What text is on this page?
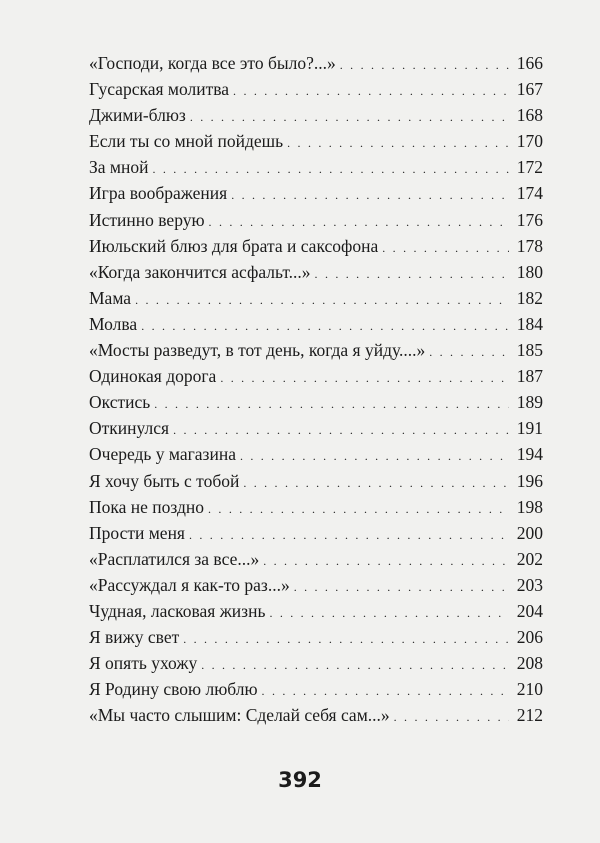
«Господи, когда все это было?...» . . .	166
Гусарская молитва . . .	167
Джими-блюз . . .	168
Если ты со мной пойдешь . . .	170
За мной . . .	172
Игра воображения . . .	174
Истинно верую . . .	176
Июльский блюз для брата и саксофона . . .	178
«Когда закончится асфальт...» . . .	180
Мама . . .	182
Молва . . .	184
«Мосты разведут, в тот день, когда я уйду....» . . .	185
Одинокая дорога . . .	187
Окстись . . .	189
Откинулся . . .	191
Очередь у магазина . . .	194
Я хочу быть с тобой . . .	196
Пока не поздно . . .	198
Прости меня . . .	200
«Расплатился за все...» . . .	202
«Рассуждал я как-то раз...» . . .	203
Чудная, ласковая жизнь . . .	204
Я вижу свет . . .	206
Я опять ухожу . . .	208
Я Родину свою люблю . . .	210
«Мы часто слышим: Сделай себя сам...» . . .	212
392
